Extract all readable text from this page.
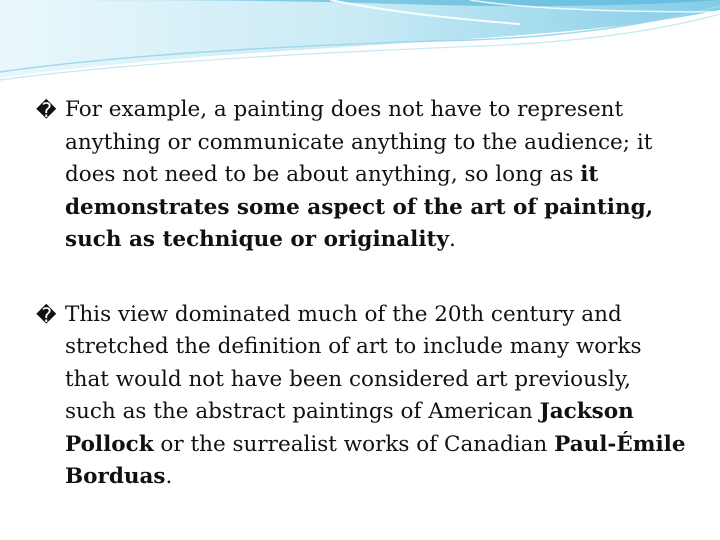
� For example, a painting does not have to represent anything or communicate anything to the audience; it does not need to be about anything, so long as it demonstrates some aspect of the art of painting, such as technique or originality.

� This view dominated much of the 20th century and stretched the definition of art to include many works that would not have been considered art previously, such as the abstract paintings of American Jackson Pollock or the surrealist works of Canadian Paul-Émile Borduas.
